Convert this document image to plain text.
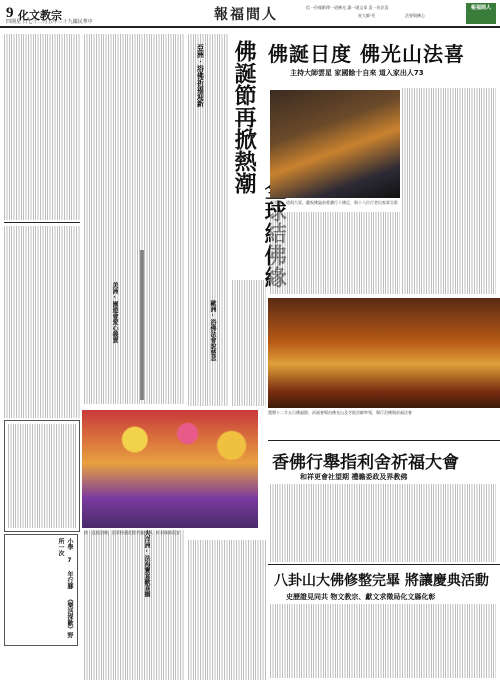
9 化文教宗
四期星 日七十二月五年三十九國民華中	報福間人	信一份報紙傳一道佛光 讀一則文章 喜一份法喜
星大師‧死	法要與佛心
報福間人
小學 7 年行腳 《樂活探歡》野所一次
亞洲‧浴佛祈福迎新 佛誕節再掀熱潮
歐洲‧浴佛法會說慈悲
美洲‧園遊會愛心義賣
大洋洲‧法海寶宴歡喜攝
南 ‧ 巡迴浴佛，民眾持蓮花燈共襄盛舉，祈求國泰民安
佛誕日度 佛光山法喜
主持大師雲星 家國餘十自來 道入家出人73
星雲師、道與大眾，慶祝佛誕前香讚行十佛足，與十八位行者出家眾合影
農曆十二月五日佛誕節，祈福會場由佛光山及寺院法師率領，舉行浴佛與祈福法會
香佛行舉指利舍祈福大會
和祥更會社望期 禮瞻委政及界教佛
八卦山大佛修整完畢 將讓慶典活動
史歷證見同共 物文教宗、獻文求徵局化文縣化彰
